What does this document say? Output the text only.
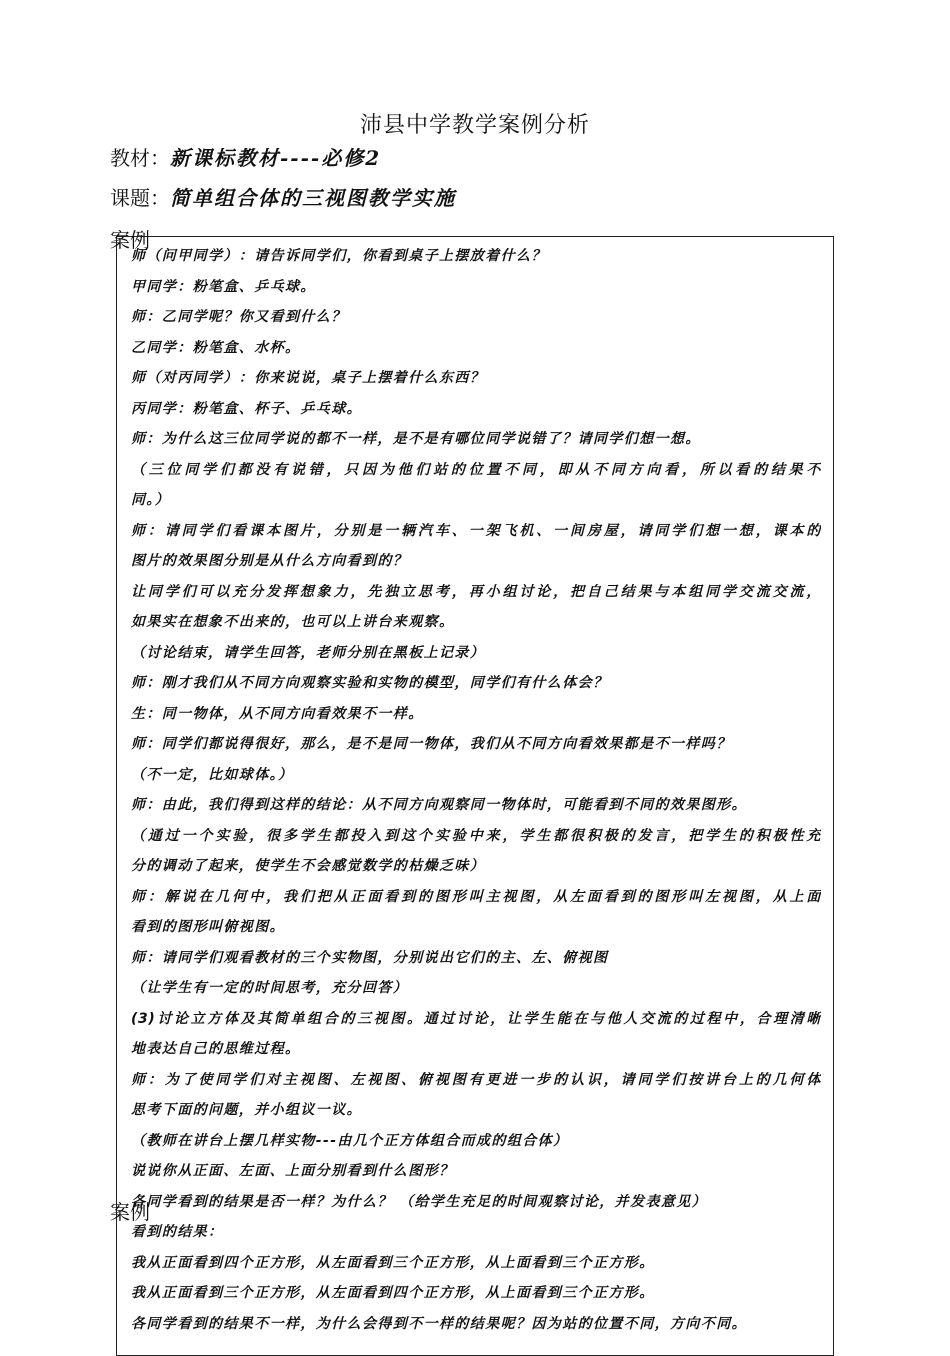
沛县中学教学案例分析
教材：新课标教材----必修2
课题：简单组合体的三视图教学实施
师（问甲同学）：请告诉同学们，你看到桌子上摆放着什么？
甲同学：粉笔盒、乒乓球。
师：乙同学呢？你又看到什么？
乙同学：粉笔盒、水杯。
师（对丙同学）：你来说说，桌子上摆着什么东西？
丙同学：粉笔盒、杯子、乒乓球。
师：为什么这三位同学说的都不一样，是不是有哪位同学说错了？请同学们想一想。
（三位同学们都没有说错，只因为他们站的位置不同，即从不同方向看，所以看的结果不
同。）
师：请同学们看课本图片，分别是一辆汽车、一架飞机、一间房屋，请同学们想一想，课本的
图片的效果图分别是从什么方向看到的？
让同学们可以充分发挥想象力，先独立思考，再小组讨论，把自己结果与本组同学交流交流，
如果实在想象不出来的，也可以上讲台来观察。
（讨论结束，请学生回答，老师分别在黑板上记录）
师：刚才我们从不同方向观察实验和实物的模型，同学们有什么体会？
生：同一物体，从不同方向看效果不一样。
师：同学们都说得很好，那么，是不是同一物体，我们从不同方向看效果都是不一样吗？
（不一定，比如球体。）
师：由此，我们得到这样的结论：从不同方向观察同一物体时，可能看到不同的效果图形。
（通过一个实验，很多学生都投入到这个实验中来，学生都很积极的发言，把学生的积极性充
分的调动了起来，使学生不会感觉数学的枯燥乏味）
师：解说在几何中，我们把从正面看到的图形叫主视图，从左面看到的图形叫左视图，从上面
看到的图形叫俯视图。
师：请同学们观看教材的三个实物图，分别说出它们的主、左、俯视图
（让学生有一定的时间思考，充分回答）
(3)讨论立方体及其简单组合的三视图。通过讨论，让学生能在与他人交流的过程中，合理清晰
地表达自己的思维过程。
师：为了使同学们对主视图、左视图、俯视图有更进一步的认识，请同学们按讲台上的几何体
思考下面的问题，并小组议一议。
（教师在讲台上摆几样实物---由几个正方体组合而成的组合体）
说说你从正面、左面、上面分别看到什么图形？
各同学看到的结果是否一样？为什么？ （给学生充足的时间观察讨论，并发表意见）
看到的结果：
我从正面看到四个正方形，从左面看到三个正方形，从上面看到三个正方形。
我从正面看到三个正方形，从左面看到四个正方形，从上面看到三个正方形。
各同学看到的结果不一样，为什么会得到不一样的结果呢？因为站的位置不同，方向不同。
案例
案例
